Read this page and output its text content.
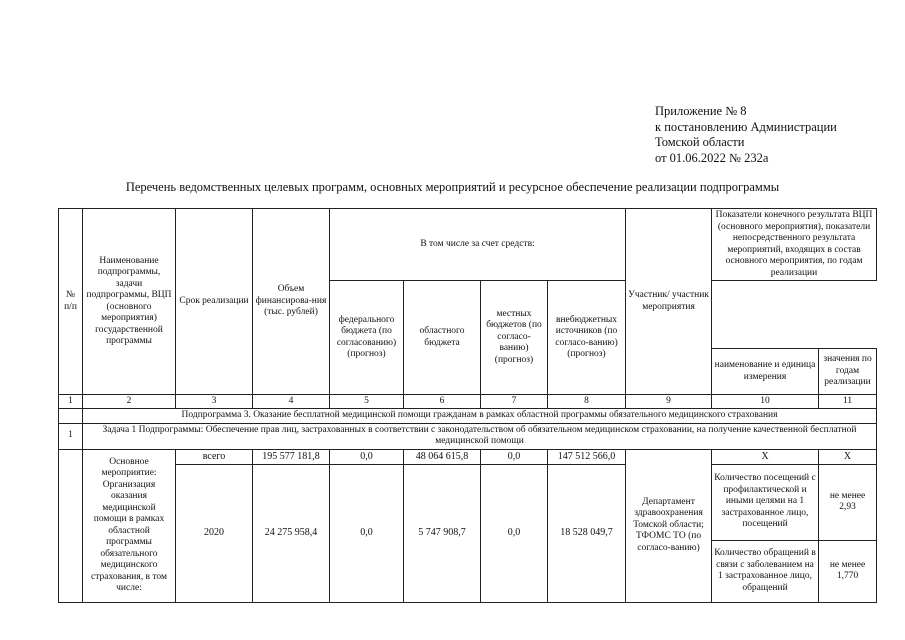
Приложение № 8
к постановлению Администрации
Томской области
от 01.06.2022 № 232а
Перечень ведомственных целевых программ, основных мероприятий и ресурсное обеспечение реализации подпрограммы
№ п/п	Наименование подпрограммы, задачи подпрограммы, ВЦП (основного мероприятия) государственной программы	Срок реализации	Объем финансирова-ния (тыс. рублей)	В том числе за счет средств:				Участник/ участник мероприятия	Показатели конечного результата ВЦП (основного мероприятия), показатели непосредственного результата мероприятий, входящих в состав основного мероприятия, по годам реализации	
				федерального бюджета (по согласованию) (прогноз)	областного бюджета	местных бюджетов (по согласо-ванию) (прогноз)	внебюджетных источников (по согласо-ванию) (прогноз)			
									наименование и единица измерения	значения по годам реализации
1	2	3	4	5	6	7	8	9	10	11
	Подпрограмма 3. Оказание бесплатной медицинской помощи гражданам в рамках областной программы обязательного медицинского страхования									
1	Задача 1 Подпрограммы: Обеспечение прав лиц, застрахованных в соответствии с законодательством об обязательном медицинском страховании, на получение качественной бесплатной медицинской помощи									
	Основное мероприятие: Организация оказания медицинской помощи в рамках областной программы обязательного медицинского страхования, в том числе:	всего	195 577 181,8	0,0	48 064 615,8	0,0	147 512 566,0	Департамент здравоохранения Томской области; ТФОМС ТО (по согласо-ванию)	Х	Х
		2020	24 275 958,4	0,0	5 747 908,7	0,0	18 528 049,7		Количество посещений с профилактической и иными целями на 1 застрахованное лицо, посещений	не менее 2,93
									Количество обращений в связи с заболеванием на 1 застрахованное лицо, обращений	не менее 1,770
